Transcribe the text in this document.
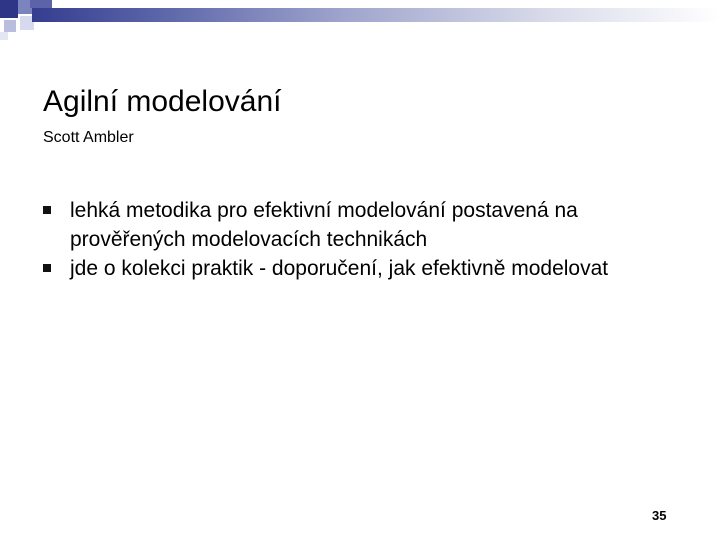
Agilní modelování
Scott Ambler
lehká metodika pro efektivní modelování postavená na prověřených modelovacích technikách
jde o kolekci praktik - doporučení, jak efektivně modelovat
35
